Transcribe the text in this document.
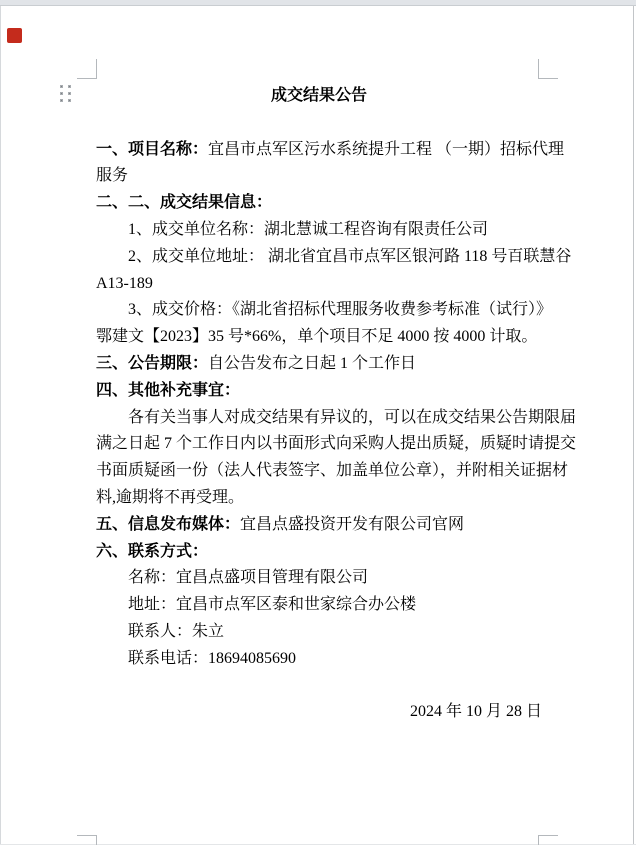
成交结果公告
一、项目名称：宜昌市点军区污水系统提升工程 （一期）招标代理
服务
二、二、成交结果信息：
1、成交单位名称：湖北慧诚工程咨询有限责任公司
2、成交单位地址： 湖北省宜昌市点军区银河路 118 号百联慧谷
A13-189
3、成交价格：《湖北省招标代理服务收费参考标准（试行）》
鄂建文【2023】35 号*66%，单个项目不足 4000 按 4000 计取。
三、公告期限：自公告发布之日起 1 个工作日
四、其他补充事宜：
各有关当事人对成交结果有异议的，可以在成交结果公告期限届
满之日起 7 个工作日内以书面形式向采购人提出质疑，质疑时请提交
书面质疑函一份（法人代表签字、加盖单位公章），并附相关证据材
料,逾期将不再受理。
五、信息发布媒体：宜昌点盛投资开发有限公司官网
六、联系方式：
名称：宜昌点盛项目管理有限公司
地址：宜昌市点军区泰和世家综合办公楼
联系人：朱立
联系电话：18694085690
2024 年 10 月 28 日
